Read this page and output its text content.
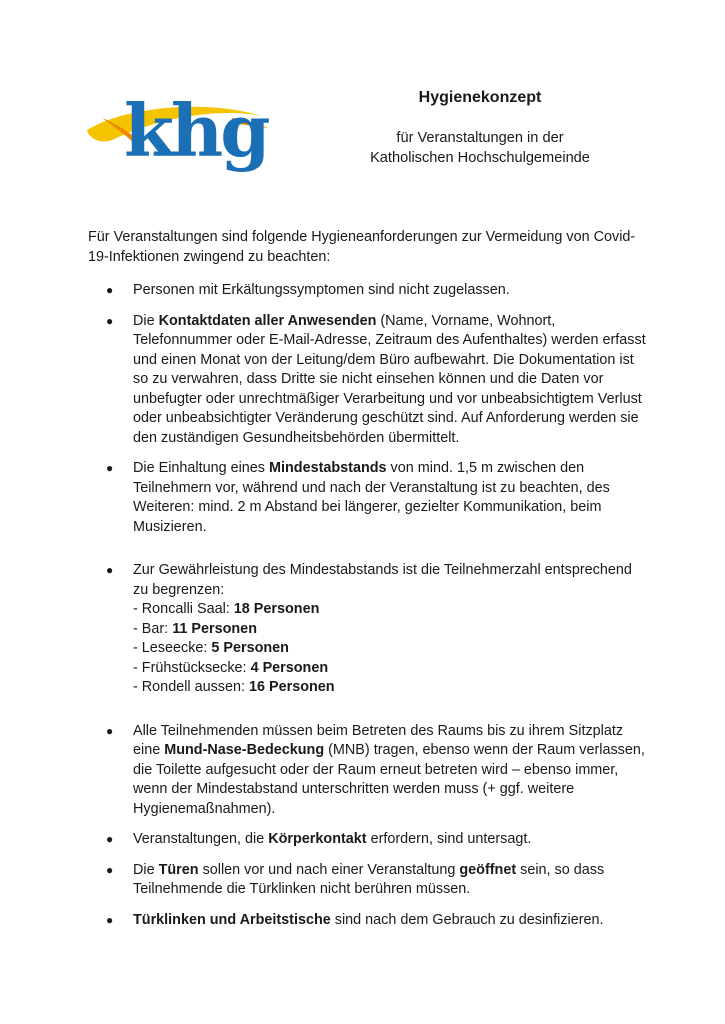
khg	Hygienekonzept
für Veranstaltungen in der
Katholischen Hochschulgemeinde
Für Veranstaltungen sind folgende Hygieneanforderungen zur Vermeidung von Covid-19-Infektionen zwingend zu beachten:
● Personen mit Erkältungssymptomen sind nicht zugelassen.
● Die Kontaktdaten aller Anwesenden (Name, Vorname, Wohnort, Telefonnummer oder E-Mail-Adresse, Zeitraum des Aufenthaltes) werden erfasst und einen Monat von der Leitung/dem Büro aufbewahrt. Die Dokumentation ist so zu verwahren, dass Dritte sie nicht einsehen können und die Daten vor unbefugter oder unrechtmäßiger Verarbeitung und vor unbeabsichtigtem Verlust oder unbeabsichtigter Veränderung geschützt sind. Auf Anforderung werden sie den zuständigen Gesundheitsbehörden übermittelt.
● Die Einhaltung eines Mindestabstands von mind. 1,5 m zwischen den Teilnehmern vor, während und nach der Veranstaltung ist zu beachten, des Weiteren: mind. 2 m Abstand bei längerer, gezielter Kommunikation, beim Musizieren.
● Zur Gewährleistung des Mindestabstands ist die Teilnehmerzahl entsprechend zu begrenzen:
- Roncalli Saal: 18 Personen
- Bar: 11 Personen
- Leseecke: 5 Personen
- Frühstücksecke: 4 Personen
- Rondell aussen: 16 Personen
● Alle Teilnehmenden müssen beim Betreten des Raums bis zu ihrem Sitzplatz eine Mund-Nase-Bedeckung (MNB) tragen, ebenso wenn der Raum verlassen, die Toilette aufgesucht oder der Raum erneut betreten wird – ebenso immer, wenn der Mindestabstand unterschritten werden muss (+ ggf. weitere Hygienemaßnahmen).
● Veranstaltungen, die Körperkontakt erfordern, sind untersagt.
● Die Türen sollen vor und nach einer Veranstaltung geöffnet sein, so dass Teilnehmende die Türklinken nicht berühren müssen.
● Türklinken und Arbeitstische sind nach dem Gebrauch zu desinfizieren.
